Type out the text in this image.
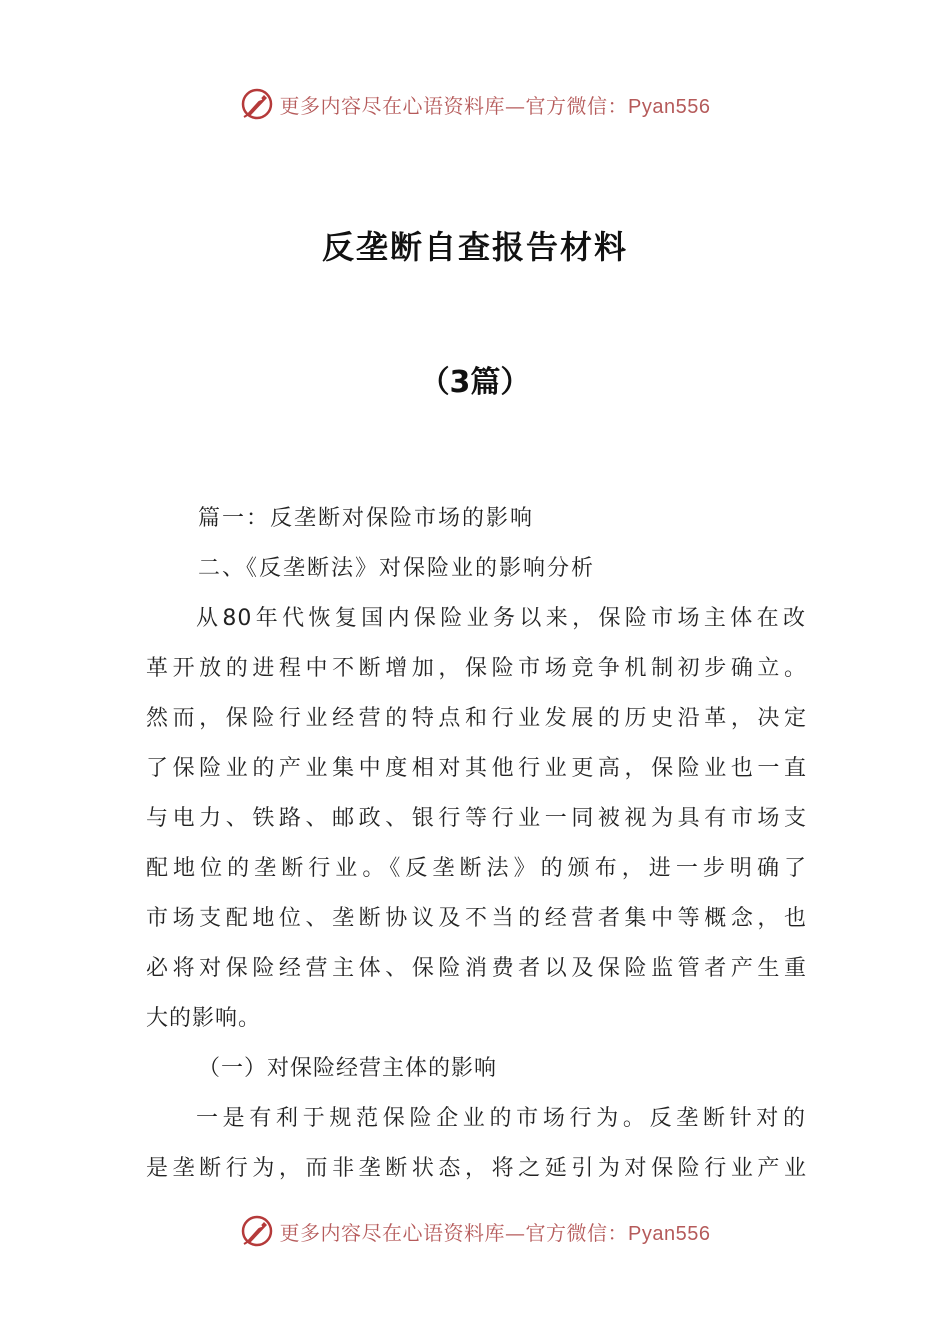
更多内容尽在心语资料库—官方微信：Pyan556
反垄断自查报告材料
（3篇）

篇一：反垄断对保险市场的影响

二、《反垄断法》对保险业的影响分析

从80年代恢复国内保险业务以来，保险市场主体在改

革开放的进程中不断增加，保险市场竞争机制初步确立。

然而，保险行业经营的特点和行业发展的历史沿革，决定

了保险业的产业集中度相对其他行业更高，保险业也一直

与电力、铁路、邮政、银行等行业一同被视为具有市场支

配地位的垄断行业。《反垄断法》的颁布，进一步明确了

市场支配地位、垄断协议及不当的经营者集中等概念，也

必将对保险经营主体、保险消费者以及保险监管者产生重

大的影响。

（一）对保险经营主体的影响

一是有利于规范保险企业的市场行为。反垄断针对的

是垄断行为，而非垄断状态，将之延引为对保险行业产业

更多内容尽在心语资料库—官方微信：Pyan556
